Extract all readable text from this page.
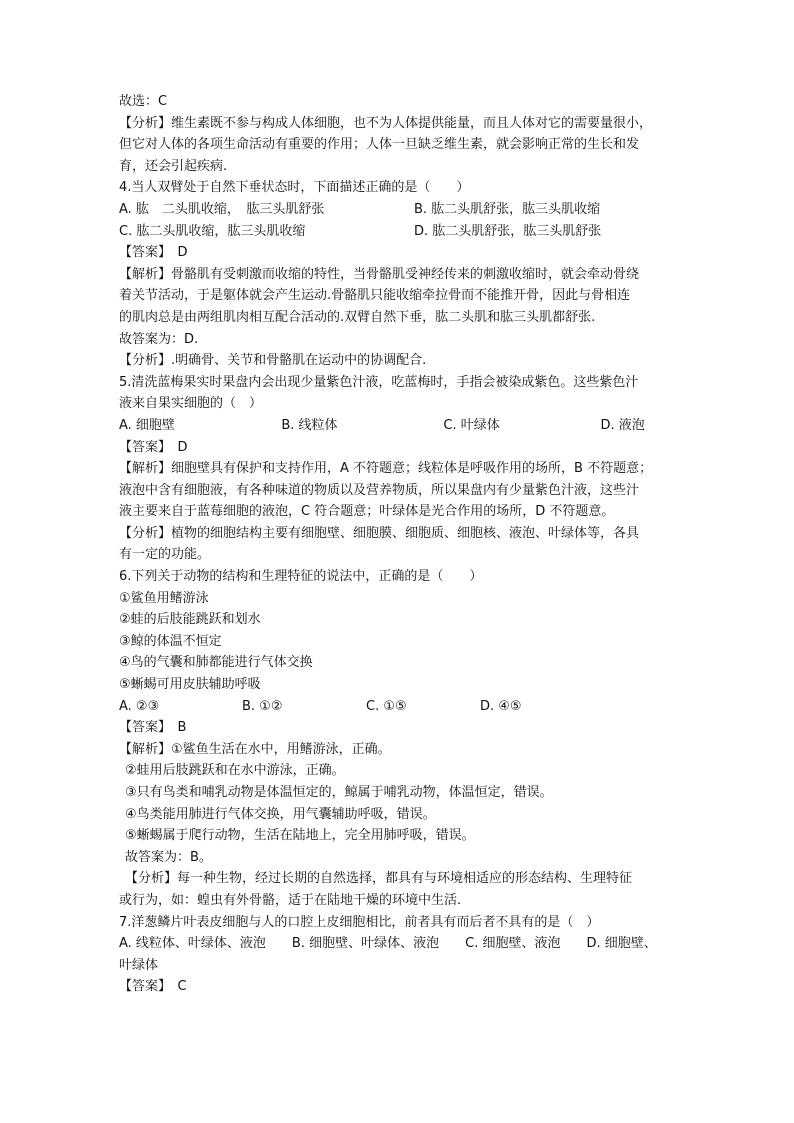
故选：C
【分析】维生素既不参与构成人体细胞，也不为人体提供能量，而且人体对它的需要量很小，
但它对人体的各项生命活动有重要的作用；人体一旦缺乏维生素，就会影响正常的生长和发
育，还会引起疾病.
4.当人双臂处于自然下垂状态时，下面描述正确的是（　　）
A. 肱　二头肌收缩，　肱三头肌舒张	B. 肱二头肌舒张，肱三头肌收缩
C. 肱二头肌收缩，肱三头肌收缩	D. 肱二头肌舒张，肱三头肌舒张
【答案】　D
【解析】骨骼肌有受刺激而收缩的特性，当骨骼肌受神经传来的刺激收缩时，就会牵动骨绕
着关节活动，于是躯体就会产生运动.骨骼肌只能收缩牵拉骨而不能推开骨，因此与骨相连
的肌肉总是由两组肌肉相互配合活动的.双臂自然下垂，肱二头肌和肱三头肌都舒张.
故答案为：D.
【分析】.明确骨、关节和骨骼肌在运动中的协调配合.
5.清洗蓝梅果实时果盘内会出现少量紫色汁液，吃蓝梅时，手指会被染成紫色。这些紫色汁
液来自果实细胞的（　）
A. 细胞壁	B. 线粒体	C. 叶绿体	D. 液泡
【答案】　D
【解析】细胞壁具有保护和支持作用，A 不符题意；线粒体是呼吸作用的场所，B 不符题意；
液泡中含有细胞液，有各种味道的物质以及营养物质，所以果盘内有少量紫色汁液，这些汁
液主要来自于蓝莓细胞的液泡，C 符合题意；叶绿体是光合作用的场所，D 不符题意。
【分析】植物的细胞结构主要有细胞壁、细胞膜、细胞质、细胞核、液泡、叶绿体等，各具
有一定的功能。
6.下列关于动物的结构和生理特征的说法中，正确的是（　　）
①鲨鱼用鳍游泳
②蛙的后肢能跳跃和划水
③鲸的体温不恒定
④鸟的气囊和肺都能进行气体交换
⑤蜥蜴可用皮肤辅助呼吸
A. ②③	B. ①②	C. ①⑤	D. ④⑤
【答案】　B
【解析】①鲨鱼生活在水中，用鳍游泳，正确。
②蛙用后肢跳跃和在水中游泳，正确。
③只有鸟类和哺乳动物是体温恒定的，鲸属于哺乳动物，体温恒定，错误。
④鸟类能用肺进行气体交换，用气囊辅助呼吸，错误。
⑤蜥蜴属于爬行动物，生活在陆地上，完全用肺呼吸，错误。
故答案为：B。
【分析】每一种生物，经过长期的自然选择，都具有与环境相适应的形态结构、生理特征
或行为，如：蝗虫有外骨骼，适于在陆地干燥的环境中生活.
7.洋葱鳞片叶表皮细胞与人的口腔上皮细胞相比，前者具有而后者不具有的是（　）
A. 线粒体、叶绿体、液泡　　B. 细胞壁、叶绿体、液泡　　C. 细胞壁、液泡　　D. 细胞壁、
叶绿体
【答案】　C
